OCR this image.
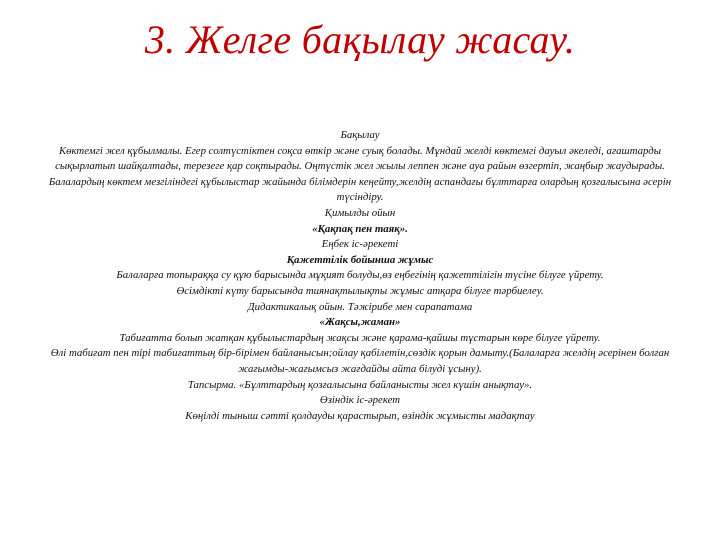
3. Желге бақылау жасау.

Бақылау

Көктемгі жел құбылмалы. Егер солтүстіктен соқса өткір және суық болады. Мұндай желді көктемгі дауыл әкеледі, ағаштарды сықырлатып шайқалтады, терезеге қар соқтырады. Оңтүстік жел жылы леппен және ауа райын өзгертіп, жаңбыр жаудырады. Балалардың көктем мезгіліндегі құбылыстар жайында білімдерін кеңейту,желдің аспандағы бұлттарға олардың қозғалысына әсерін түсіндіру.

Қимылды ойын

«Қақпақ пен таяқ».

Еңбек іс-әрекеті

Қажеттілік бойынша жұмыс

Балаларға топыраққа су құю барысында мұқият болуды,өз еңбегінің қажеттілігін түсіне білуге үйрету.

Өсімдікті күту барысында тиянақтылықты жұмыс атқара білуге тәрбиелеу.

Дидактикалық ойын. Тәжірибе мен сарапатама

«Жақсы,жаман»

Табиғатта болып жатқан құбылыстардың жақсы және қарама-қайшы тұстарын көре білуге үйрету.

Өлі табиғат пен тірі табиғаттың бір-бірімен байланысын;ойлау қабілетін,сөздік қорын дамыту.(Балаларға желдің әсерінен болған жағымды-жағымсыз жағдайды айта білуді ұсыну).

Тапсырма. «Бұлттардың қозғалысына байланысты жел күшін анықтау».

Өзіндік іс-әрекет

Көңілді тыныш сәтті қолдауды қарастырып, өзіндік жұмысты мадақтау
